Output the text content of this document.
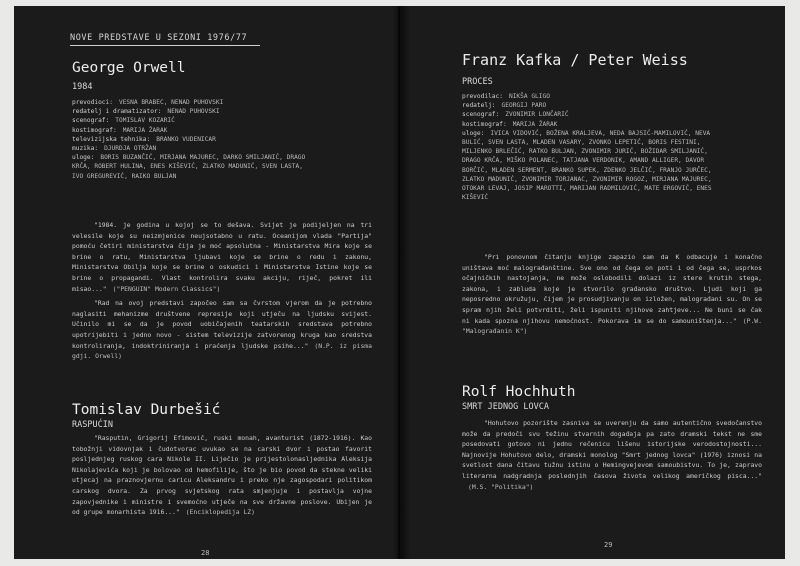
NOVE PREDSTAVE U SEZONI 1976/77
George Orwell
1984
prevodioci: VESNA BRABEC, NENAD PUHOVSKI
redatelj i dramatizator: NENAD PUHOVSKI
scenograf: TOMISLAV KOZARIĆ
kostimograf: MARIJA ŽARAK
televizijska tehnika: BRANKO VUDENICAR
muzika: DJURDJA OTRŽAN
uloge: BORIS BUZANČIĆ, MIRJANA MAJUREC, DARKO SMILJANIĆ, DRAGO
KRČA, ROBERT HULINA, ENES KIŠEVIĆ, ZLATKO MADUNIĆ, SVEN LASTA,
IVO GREGUREVIĆ, RAIKO BULJAN

"1984. je godina u kojoj se to dešava. Svijet je podijeljen na tri velesile koje su neizmjenice neujsotabno u ratu. Oceanijom vlada "Partija" pomoću četiri ministarstva čija je moć apsolutna - Ministarstva Mira koje se brine o ratu, Ministarstva ljubavi koje se brine o redu i zakonu, Ministarstva Obilja koje se brine o oskudici i Ministarstva Istine koje se brine o propagandi. Vlast kontrolira svaku akciju, riječ, pokret ili misao..." ("PENGUIN" Modern Classics")

"Rad na ovoj predstavi započeo sam sa čvrstom vjerom da je potrebno naglasiti mehanizme društvene represije koji utječu na ljudsku svijest. Učinilo mi se da je povod uobičajenih teatarskih sredstava potrebno upotrijebiti i jedno novo - sistem televizije zatvorenog kruga kao sredstva kontroliranja, indoktriniranja i praćenja ljudske psihe..." (N.P. iz pisma gdji. Orwell)

Tomislav Durbešić
RASPUĆIN

"Rasputin, Grigorij Efimovič, ruski monah, avanturist (1872-1916). Kao tobožnji vidovnjak i čudotvorac uvukao se na carski dvor i postao favorit posljednjeg ruskog cara Nikole II. Liječio je prijestolonasljednika Aleksija Nikolajevića koji je bolovao od hemofilije, što je bio povod da stekne veliki utjecaj na praznovjernu caricu Aleksandru i preko nje zagospodari politikom carskog dvora. Za prvog svjetskog rata smjenjuje i postavlja vojne zapovjednike i ministre i svemoćno utječe na sve državne poslove. Ubijen je od grupe monarhista 1916..." (Enciklopedija LZ)

28
Franz Kafka / Peter Weiss
PROCES
prevodilac: NIKŠA GLIGO
redatelj: GEORGIJ PARO
scenograf: ZVONIMIR LONČARIĆ
kostimograf: MARIJA ŽARAK
uloge: IVICA VIDOVIĆ, BOŽENA KRALJEVA, NEDA BAJSIĆ-MAMILOVIĆ, NEVA
BULIĆ, SVEN LASTA, MLADEN VASARY, ZVONKO LEPETIĆ, BORIS FESTINI,
MILJENKO BRLEČIĆ, RATKO BULJAN, ZVONIMIR JURIĆ, BOŽIDAR SMILJANIĆ,
DRAGO KRČA, MIŠKO POLANEC, TATJANA VERDONIK, AMAND ALLIGER, DAVOR
BORČIĆ, MLADEN SERMENT, BRANKO SUPEK, ZDENKO JELČIĆ, FRANJO JURČEC,
ZLATKO MADUNIĆ, ZVONIMIR TORJANAC, ZVONIMIR ROGOZ, MIRJANA MAJUREC,
OTOKAR LEVAJ, JOSIP MAROTTI, MARIJAN RADMILOVIĆ, MATE ERGOVIĆ, ENES
KIŠEVIĆ

"Pri ponovnom čitanju knjige zapazio sam da K odbacuje i konačno uništava moć malograđanštine. Sve ono od čega on poti i od čega se, usprkos očajničkih nastojanja, ne može oslobodili dolazi iz stere krutih stega, zakona, i zabluda koje je stvorilo građansko društvo. Ljudi koji ga neposredno okružuju, čijem je prosudjivanju on izložen, malograđani su. On se spram njih želi potvrditi, želi ispuniti njihove zahtjeve... Ne buni se čak ni kada spozna njihovu nemoćnost. Pokorava im se do samouništenja..." (P.W. "Malograđanin K")

Rolf Hochhuth
SMRT JEDNOG LOVCA

"Hohutovo pozorište zasniva se uverenju da samo autentično svedočanstvo može da predoči svu težinu stvarnih događaja pa zato dramski tekst ne sme posedovati gotovo ni jednu rečenicu lišenu istorijske verodostojnosti... Najnovije Hohutovo delo, dramski monolog "Smrt jednog lovca" (1976) iznosi na svetlost dana čitavu tužnu istinu o Hemingvejevom samoubistvu. To je, zapravo literarna nadgradnja poslednjih časova života velikog američkog pisca..."(M.S. "Politika")

29
